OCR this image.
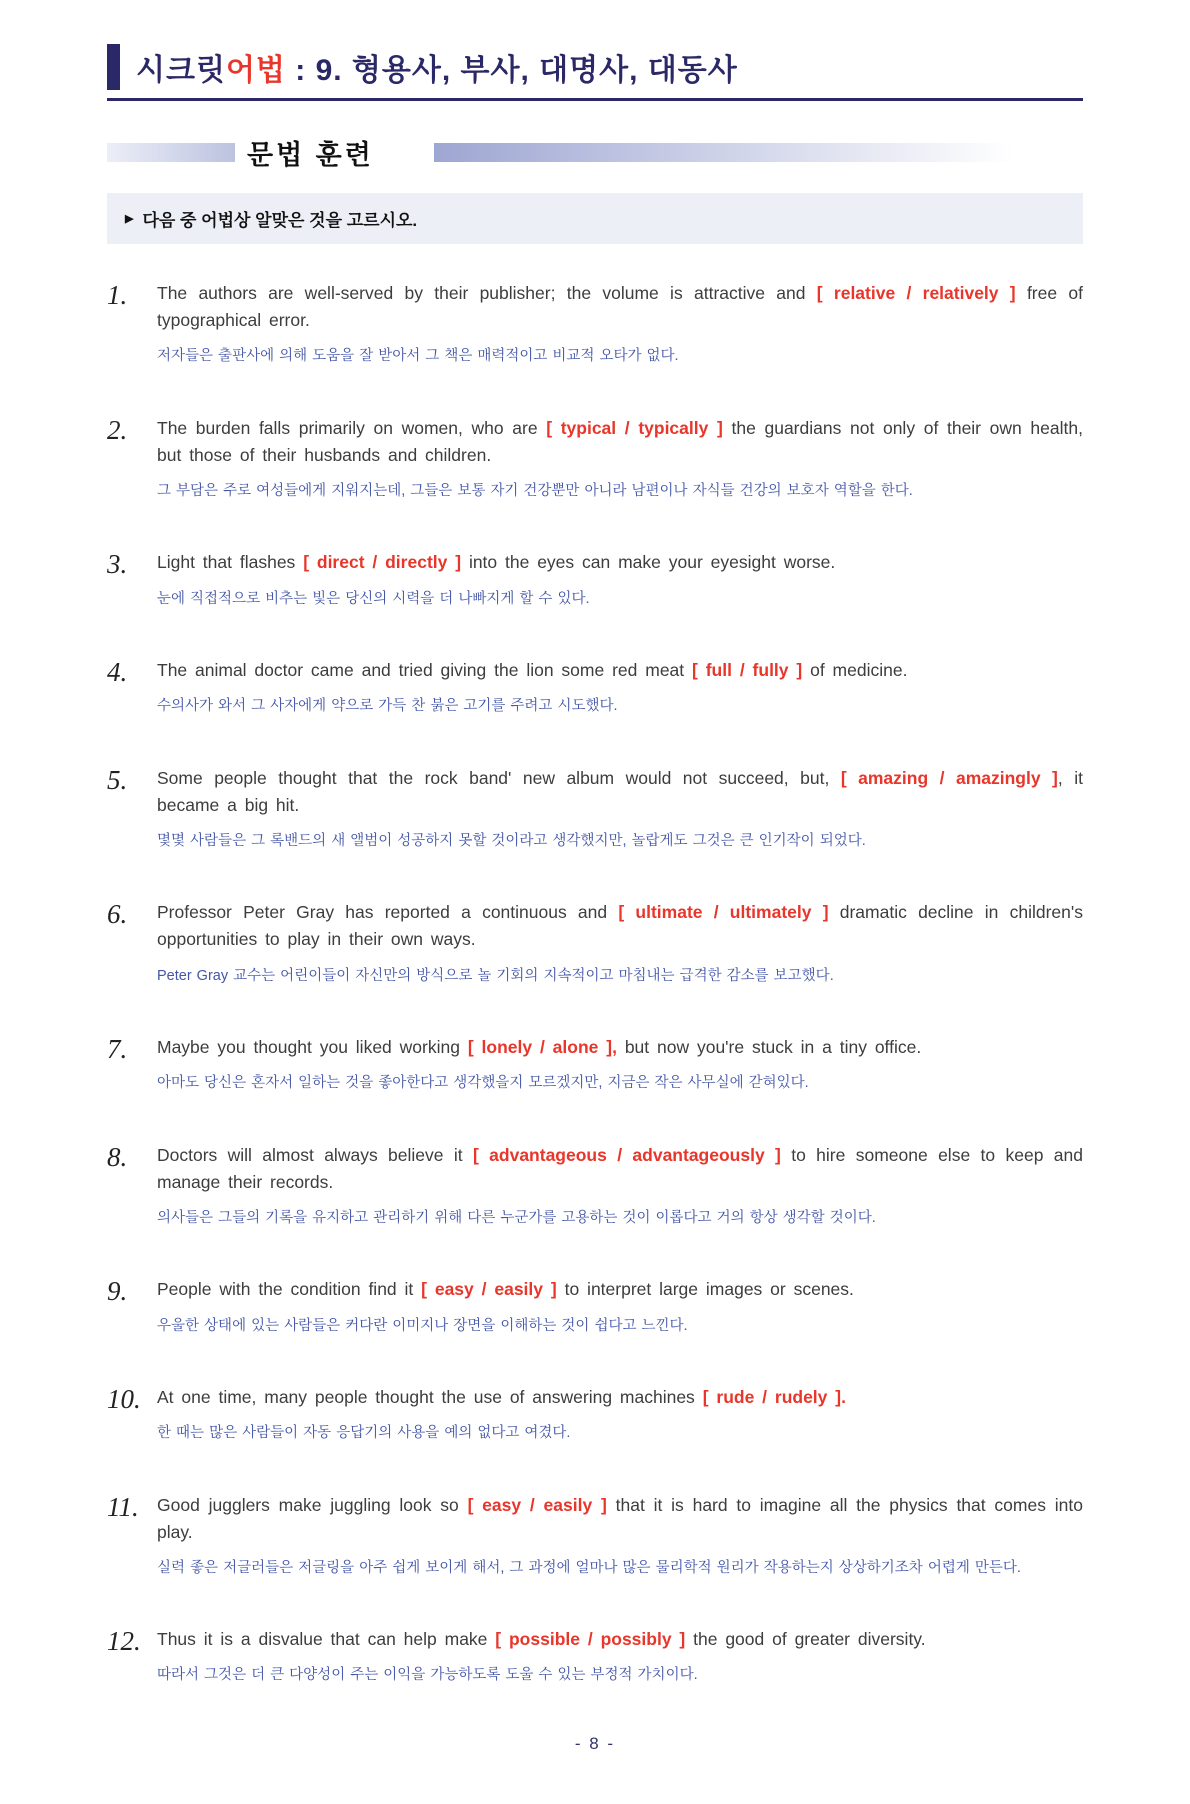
시크릿어법 : 9. 형용사, 부사, 대명사, 대동사
문법 훈련
▶ 다음 중 어법상 알맞은 것을 고르시오.
1.	The authors are well-served by their publisher; the volume is attractive and [ relative / relatively ] free of typographical error.

저자들은 출판사에 의해 도움을 잘 받아서 그 책은 매력적이고 비교적 오타가 없다.

2.	The burden falls primarily on women, who are [ typical / typically ] the guardians not only of their own health, but those of their husbands and children.

그 부담은 주로 여성들에게 지워지는데, 그들은 보통 자기 건강뿐만 아니라 남편이나 자식들 건강의 보호자 역할을 한다.

3.	Light that flashes [ direct / directly ] into the eyes can make your eyesight worse.

눈에 직접적으로 비추는 빛은 당신의 시력을 더 나빠지게 할 수 있다.

4.	The animal doctor came and tried giving the lion some red meat [ full / fully ] of medicine.

수의사가 와서 그 사자에게 약으로 가득 찬 붉은 고기를 주려고 시도했다.

5.	Some people thought that the rock band' new album would not succeed, but, [ amazing / amazingly ], it became a big hit.

몇몇 사람들은 그 록밴드의 새 앨범이 성공하지 못할 것이라고 생각했지만, 놀랍게도 그것은 큰 인기작이 되었다.

6.	Professor Peter Gray has reported a continuous and [ ultimate / ultimately ] dramatic decline in children's opportunities to play in their own ways.

Peter Gray 교수는 어린이들이 자신만의 방식으로 놀 기회의 지속적이고 마침내는 급격한 감소를 보고했다.

7.	Maybe you thought you liked working [ lonely / alone ], but now you're stuck in a tiny office.

아마도 당신은 혼자서 일하는 것을 좋아한다고 생각했을지 모르겠지만, 지금은 작은 사무실에 갇혀있다.

8.	Doctors will almost always believe it [ advantageous / advantageously ] to hire someone else to keep and manage their records.

의사들은 그들의 기록을 유지하고 관리하기 위해 다른 누군가를 고용하는 것이 이롭다고 거의 항상 생각할 것이다.

9.	People with the condition find it [ easy / easily ] to interpret large images or scenes.

우울한 상태에 있는 사람들은 커다란 이미지나 장면을 이해하는 것이 쉽다고 느낀다.

10. At one time, many people thought the use of answering machines [ rude / rudely ].

한 때는 많은 사람들이 자동 응답기의 사용을 예의 없다고 여겼다.

11.	Good jugglers make juggling look so [ easy / easily ] that it is hard to imagine all the physics that comes into play.

실력 좋은 저글러들은 저글링을 아주 쉽게 보이게 해서, 그 과정에 얼마나 많은 물리학적 원리가 작용하는지 상상하기조차 어렵게 만든다.

12. Thus it is a disvalue that can help make [ possible / possibly ] the good of greater diversity.

따라서 그것은 더 큰 다양성이 주는 이익을 가능하도록 도울 수 있는 부정적 가치이다.

- 8 -
